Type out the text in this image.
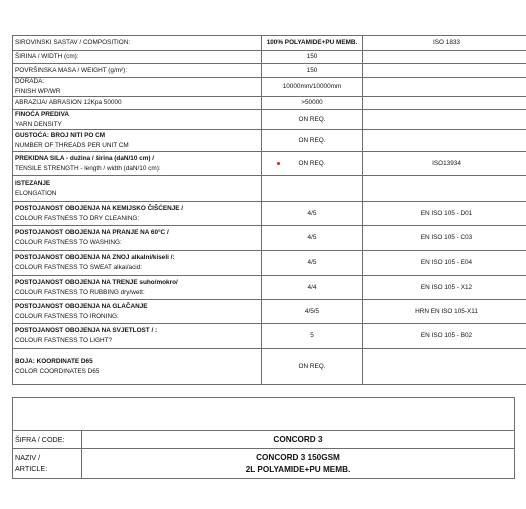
SIROVINSKI SASTAV / COMPOSITION:	100% POLYAMIDE+PU MEMB.	ISO 1833

ŠIRINA / WIDTH (cm):	150	

POVRŠINSKA MASA / WEIGHT (g/m²):	150	

DORADA:
FINISH WP/WR	10000mm/10000mm	

ABRAZIJA/ ABRASION 12Kpa 50000	>50000	

FINOĆA PREDIVA
YARN DENSITY	ON REQ.	

GUSTOĆA: BROJ NITI PO CM
NUMBER OF THREADS PER UNIT CM	ON REQ.	

PREKIDNA SILA - dužina / širina (daN/10 cm) /
TENSILE STRENGTH - length / width (daN/10 cm):	ON REQ.	ISO13934

ISTEZANJE
ELONGATION		

POSTOJANOST OBOJENJA NA KEMIJSKO ČIŠĆENJE /
COLOUR FASTNESS TO DRY CLEANING:	4/5	EN ISO 105 - D01

POSTOJANOST OBOJENJA NA PRANJE NA 60°C /
COLOUR FASTNESS TO WASHING:	4/5	EN ISO 105 - C03

POSTOJANOST OBOJENJA NA ZNOJ alkalni/kiseli /:
COLOUR FASTNESS TO SWEAT alkai/acid:	4/5	EN ISO 105 - E04

POSTOJANOST OBOJENJA NA TRENJE suho/mokro/
COLOUR FASTNESS TO RUBBING dry/wett:	4/4	EN ISO 105 - X12

POSTOJANOST OBOJENJA NA GLAČANJE
COLOUR FASTNESS TO IRONING:	4/5/5	HRN EN ISO 105-X11

POSTOJANOST OBOJENJA NA SVJETLOST / :
COLOUR FASTNESS TO LIGHT?	5	EN ISO 105 - B02

BOJA: KOORDINATE D65
COLOR COORDINATES D65	ON REQ.	
ŠIFRA / CODE:	CONCORD 3

NAZIV /
ARTICLE:	CONCORD 3 150GSM
2L POLYAMIDE+PU MEMB.
